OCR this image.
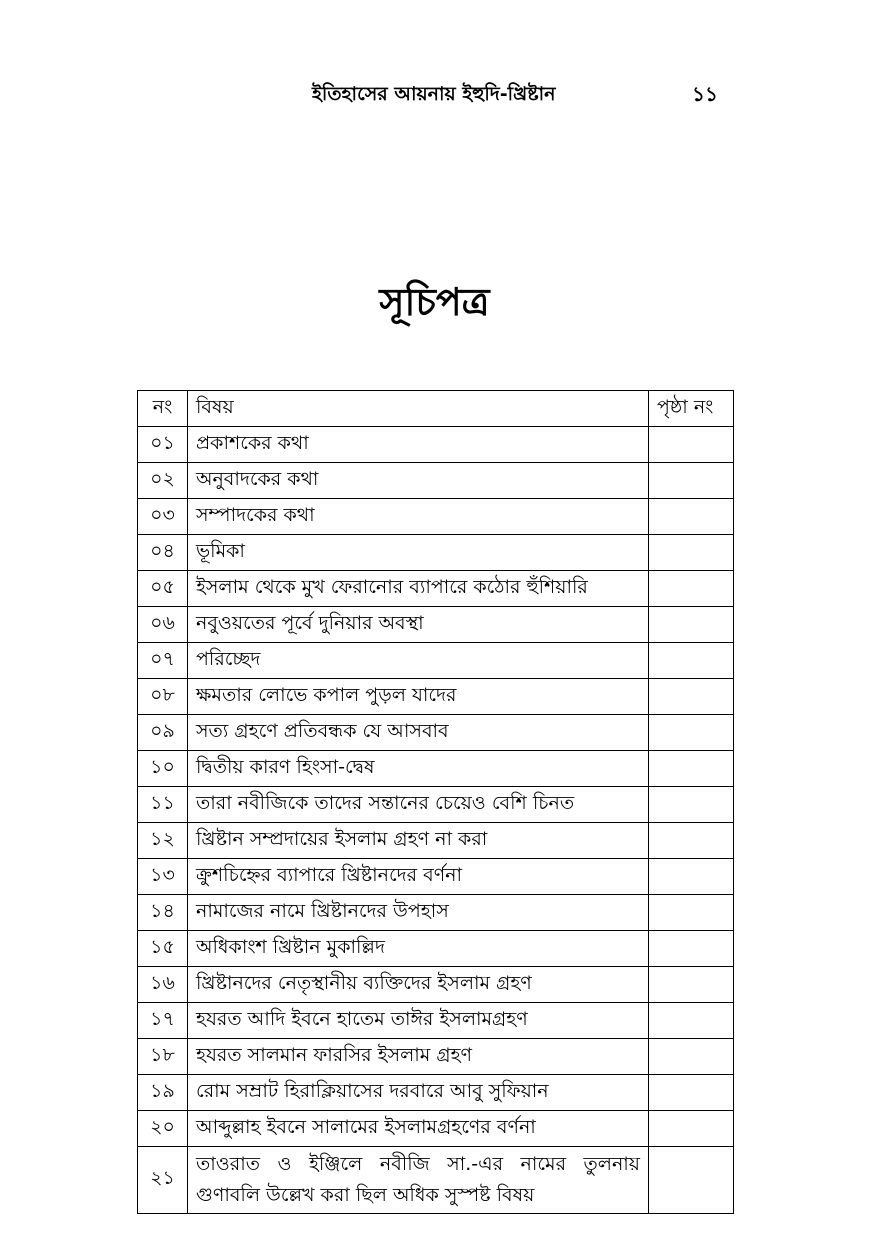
ইতিহাসের আয়নায় ইহুদি-খ্রিষ্টান	১১
সূচিপত্র
নং	বিষয়	পৃষ্ঠা নং
০১	প্রকাশকের কথা	
০২	অনুবাদকের কথা	
০৩	সম্পাদকের কথা	
০৪	ভূমিকা	
০৫	ইসলাম থেকে মুখ ফেরানোর ব্যাপারে কঠোর হুঁশিয়ারি	
০৬	নবুওয়তের পূর্বে দুনিয়ার অবস্থা	
০৭	পরিচ্ছেদ	
০৮	ক্ষমতার লোভে কপাল পুড়ল যাদের	
০৯	সত্য গ্রহণে প্রতিবন্ধক যে আসবাব	
১০	দ্বিতীয় কারণ হিংসা-দ্বেষ	
১১	তারা নবীজিকে তাদের সন্তানের চেয়েও বেশি চিনত	
১২	খ্রিষ্টান সম্প্রদায়ের ইসলাম গ্রহণ না করা	
১৩	ক্রুশচিহ্নের ব্যাপারে খ্রিষ্টানদের বর্ণনা	
১৪	নামাজের নামে খ্রিষ্টানদের উপহাস	
১৫	অধিকাংশ খ্রিষ্টান মুকাল্লিদ	
১৬	খ্রিষ্টানদের নেতৃস্থানীয় ব্যক্তিদের ইসলাম গ্রহণ	
১৭	হযরত আদি ইবনে হাতেম তাঈর ইসলামগ্রহণ	
১৮	হযরত সালমান ফারসির ইসলাম গ্রহণ	
১৯	রোম সম্রাট হিরাক্লিয়াসের দরবারে আবু সুফিয়ান	
২০	আব্দুল্লাহ ইবনে সালামের ইসলামগ্রহণের বর্ণনা	
২১	তাওরাত ও ইঞ্জিলে নবীজি সা.-এর নামের তুলনায় গুণাবলি উল্লেখ করা ছিল অধিক সুস্পষ্ট বিষয়	
